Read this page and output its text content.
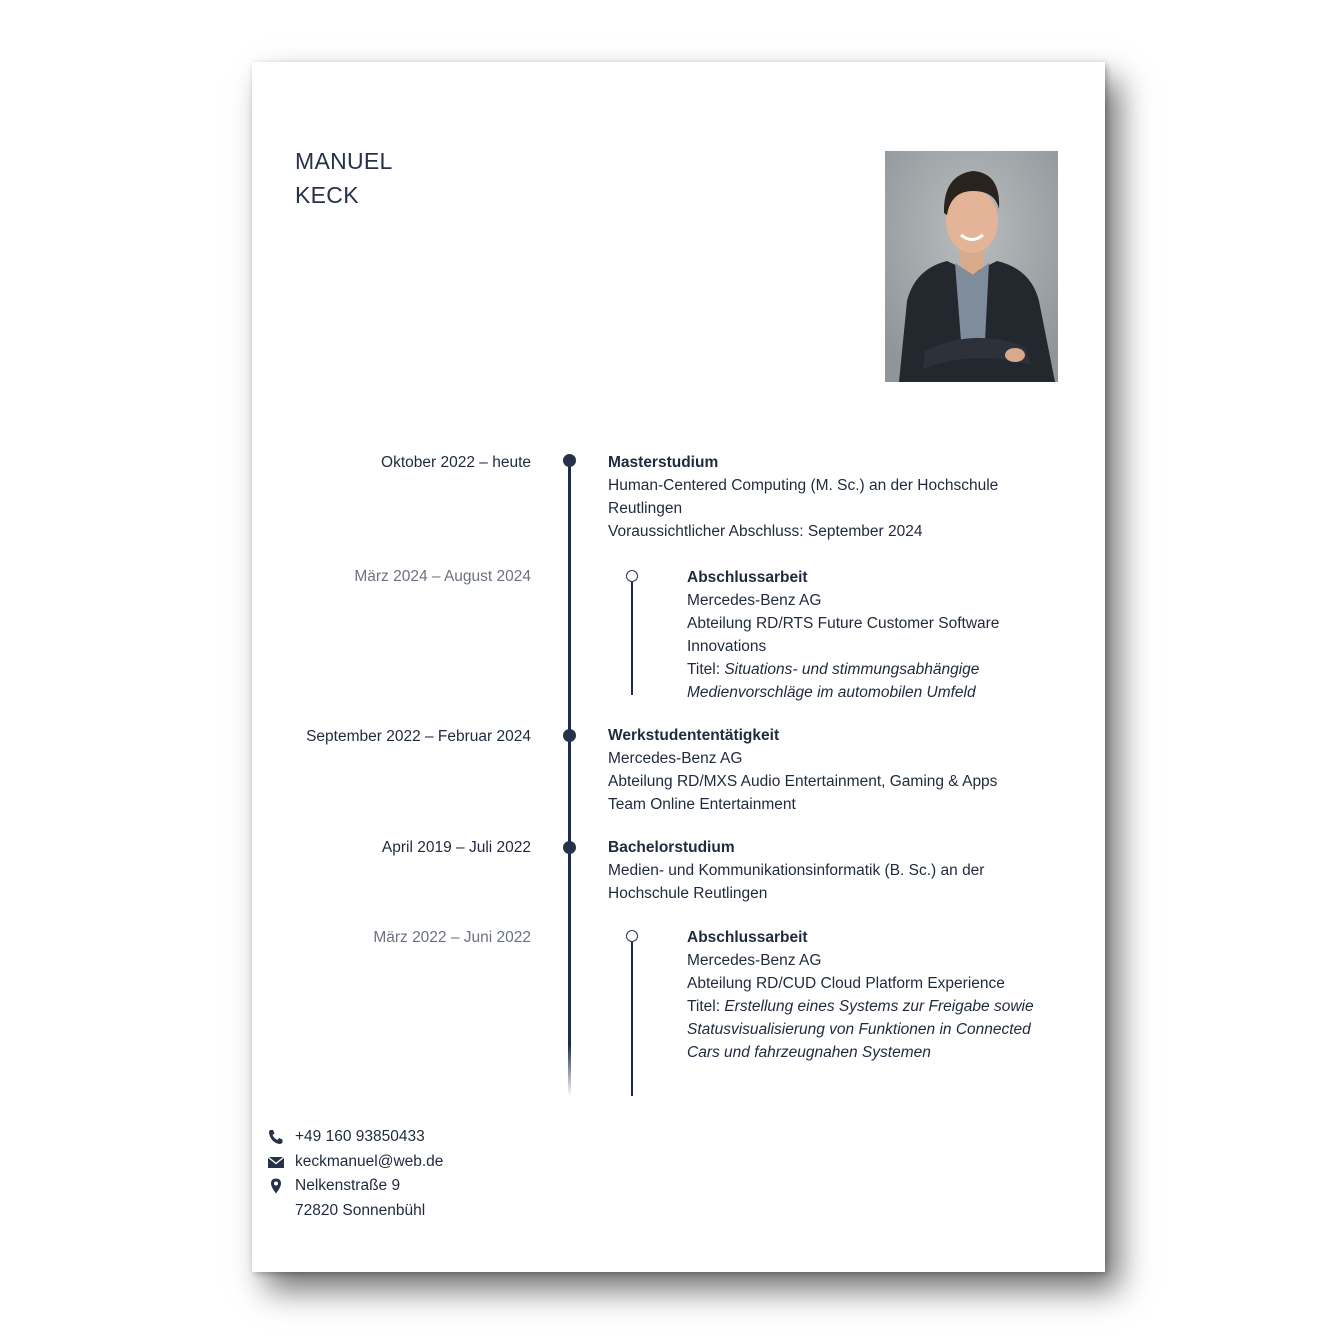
MANUEL
KECK
Oktober 2022 – heute
März 2024 – August 2024
September 2022 – Februar 2024
April 2019 – Juli 2022
März 2022 – Juni 2022
Masterstudium
Human-Centered Computing (M. Sc.) an der Hochschule
Reutlingen
Voraussichtlicher Abschluss: September 2024
Abschlussarbeit
Mercedes-Benz AG
Abteilung RD/RTS Future Customer Software
Innovations
Titel: Situations- und stimmungsabhängige
Medienvorschläge im automobilen Umfeld
Werkstudententätigkeit
Mercedes-Benz AG
Abteilung RD/MXS Audio Entertainment, Gaming & Apps
Team Online Entertainment
Bachelorstudium
Medien- und Kommunikationsinformatik (B. Sc.) an der
Hochschule Reutlingen
Abschlussarbeit
Mercedes-Benz AG
Abteilung RD/CUD Cloud Platform Experience
Titel: Erstellung eines Systems zur Freigabe sowie
Statusvisualisierung von Funktionen in Connected
Cars und fahrzeugnahen Systemen
+49 160 93850433
keckmanuel@web.de
Nelkenstraße 9
72820 Sonnenbühl
